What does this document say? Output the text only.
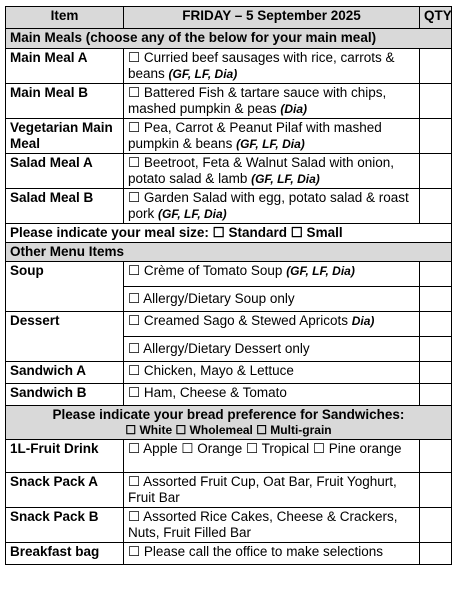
Item	FRIDAY – 5 September 2025	QTY
Main Meals (choose any of the below for your main meal)		
Main Meal A	☐ Curried beef sausages with rice, carrots & beans (GF, LF, Dia)	
Main Meal B	☐ Battered Fish & tartare sauce with chips, mashed pumpkin & peas (Dia)	
Vegetarian Main Meal	☐ Pea, Carrot & Peanut Pilaf with mashed pumpkin & beans (GF, LF, Dia)	
Salad Meal A	☐ Beetroot, Feta & Walnut Salad with onion, potato salad & lamb (GF, LF, Dia)	
Salad Meal B	☐ Garden Salad with egg, potato salad & roast pork (GF, LF, Dia)	
Please indicate your meal size: ☐ Standard ☐ Small		
Other Menu Items		
Soup	☐ Crème of Tomato Soup (GF, LF, Dia)	
	☐ Allergy/Dietary Soup only	
Dessert	☐ Creamed Sago & Stewed Apricots Dia)	
	☐ Allergy/Dietary Dessert only	
Sandwich A	☐ Chicken, Mayo & Lettuce	
Sandwich B	☐ Ham, Cheese & Tomato	

Please indicate your bread preference for Sandwiches:
☐ White ☐ Wholemeal ☐ Multi-grain		

1L-Fruit Drink	☐ Apple ☐ Orange ☐ Tropical ☐ Pine orange	
Snack Pack A	☐ Assorted Fruit Cup, Oat Bar, Fruit Yoghurt, Fruit Bar	
Snack Pack B	☐ Assorted Rice Cakes, Cheese & Crackers, Nuts, Fruit Filled Bar	
Breakfast bag	☐ Please call the office to make selections	
